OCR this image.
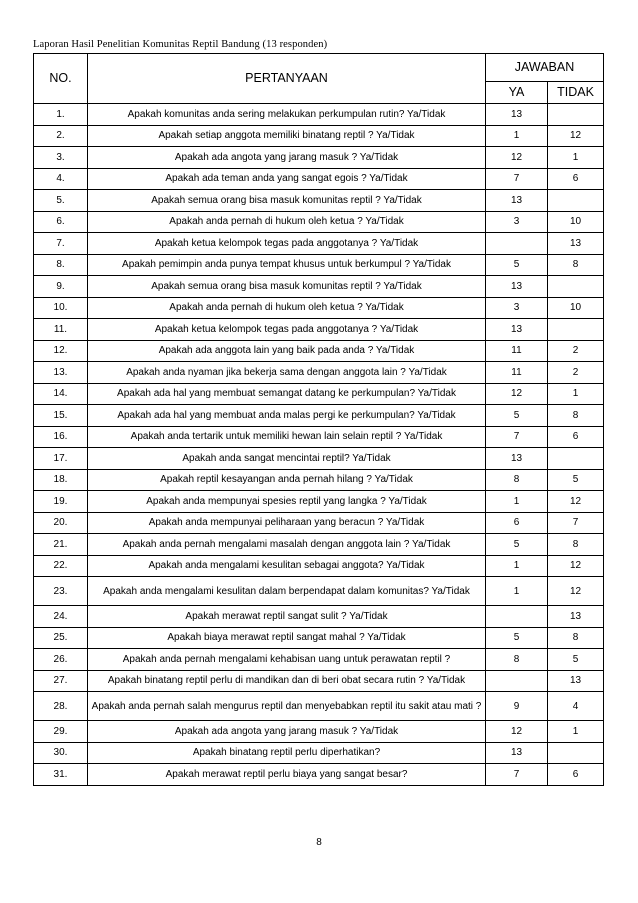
Laporan Hasil Penelitian Komunitas Reptil Bandung (13 responden)
NO.	PERTANYAAN	JAWABAN	
		YA	TIDAK
1.	Apakah komunitas anda sering melakukan perkumpulan rutin? Ya/Tidak	13	
2.	Apakah setiap anggota memiliki binatang reptil ? Ya/Tidak	1	12
3.	Apakah ada angota yang jarang masuk ? Ya/Tidak	12	1
4.	Apakah ada teman anda yang sangat egois ? Ya/Tidak	7	6
5.	Apakah semua orang bisa masuk komunitas reptil ? Ya/Tidak	13	
6.	Apakah anda pernah di hukum oleh ketua ? Ya/Tidak	3	10
7.	Apakah ketua kelompok tegas pada anggotanya ? Ya/Tidak		13
8.	Apakah pemimpin anda punya tempat khusus untuk berkumpul ? Ya/Tidak	5	8
9.	Apakah semua orang bisa masuk komunitas reptil ? Ya/Tidak	13	
10.	Apakah anda pernah di hukum oleh ketua ? Ya/Tidak	3	10
11.	Apakah ketua kelompok tegas pada anggotanya ? Ya/Tidak	13	
12.	Apakah ada anggota lain yang baik pada anda ? Ya/Tidak	11	2
13.	Apakah anda nyaman jika bekerja sama dengan anggota lain ? Ya/Tidak	11	2
14.	Apakah ada hal yang membuat semangat datang ke perkumpulan? Ya/Tidak	12	1
15.	Apakah ada hal yang membuat anda malas pergi ke perkumpulan? Ya/Tidak	5	8
16.	Apakah anda tertarik untuk memiliki hewan lain selain reptil ? Ya/Tidak	7	6
17.	Apakah anda sangat mencintai reptil? Ya/Tidak	13	
18.	Apakah reptil kesayangan anda pernah hilang ? Ya/Tidak	8	5
19.	Apakah anda mempunyai spesies reptil yang langka ? Ya/Tidak	1	12
20.	Apakah anda mempunyai peliharaan yang beracun ? Ya/Tidak	6	7
21.	Apakah anda pernah mengalami masalah dengan anggota lain ? Ya/Tidak	5	8
22.	Apakah anda mengalami kesulitan sebagai anggota? Ya/Tidak	1	12
23.	Apakah anda mengalami kesulitan dalam berpendapat dalam komunitas? Ya/Tidak	1	12
24.	Apakah merawat reptil sangat sulit ? Ya/Tidak		13
25.	Apakah biaya merawat reptil sangat mahal ? Ya/Tidak	5	8
26.	Apakah anda pernah mengalami kehabisan uang untuk perawatan reptil ?	8	5
27.	Apakah binatang reptil perlu di mandikan dan di beri obat secara rutin ? Ya/Tidak		13
28.	Apakah anda pernah salah mengurus reptil dan menyebabkan reptil itu sakit atau mati ?	9	4
29.	Apakah ada angota yang jarang masuk ? Ya/Tidak	12	1
30.	Apakah binatang reptil perlu diperhatikan?	13	
31.	Apakah merawat reptil perlu biaya yang sangat besar?	7	6
8
